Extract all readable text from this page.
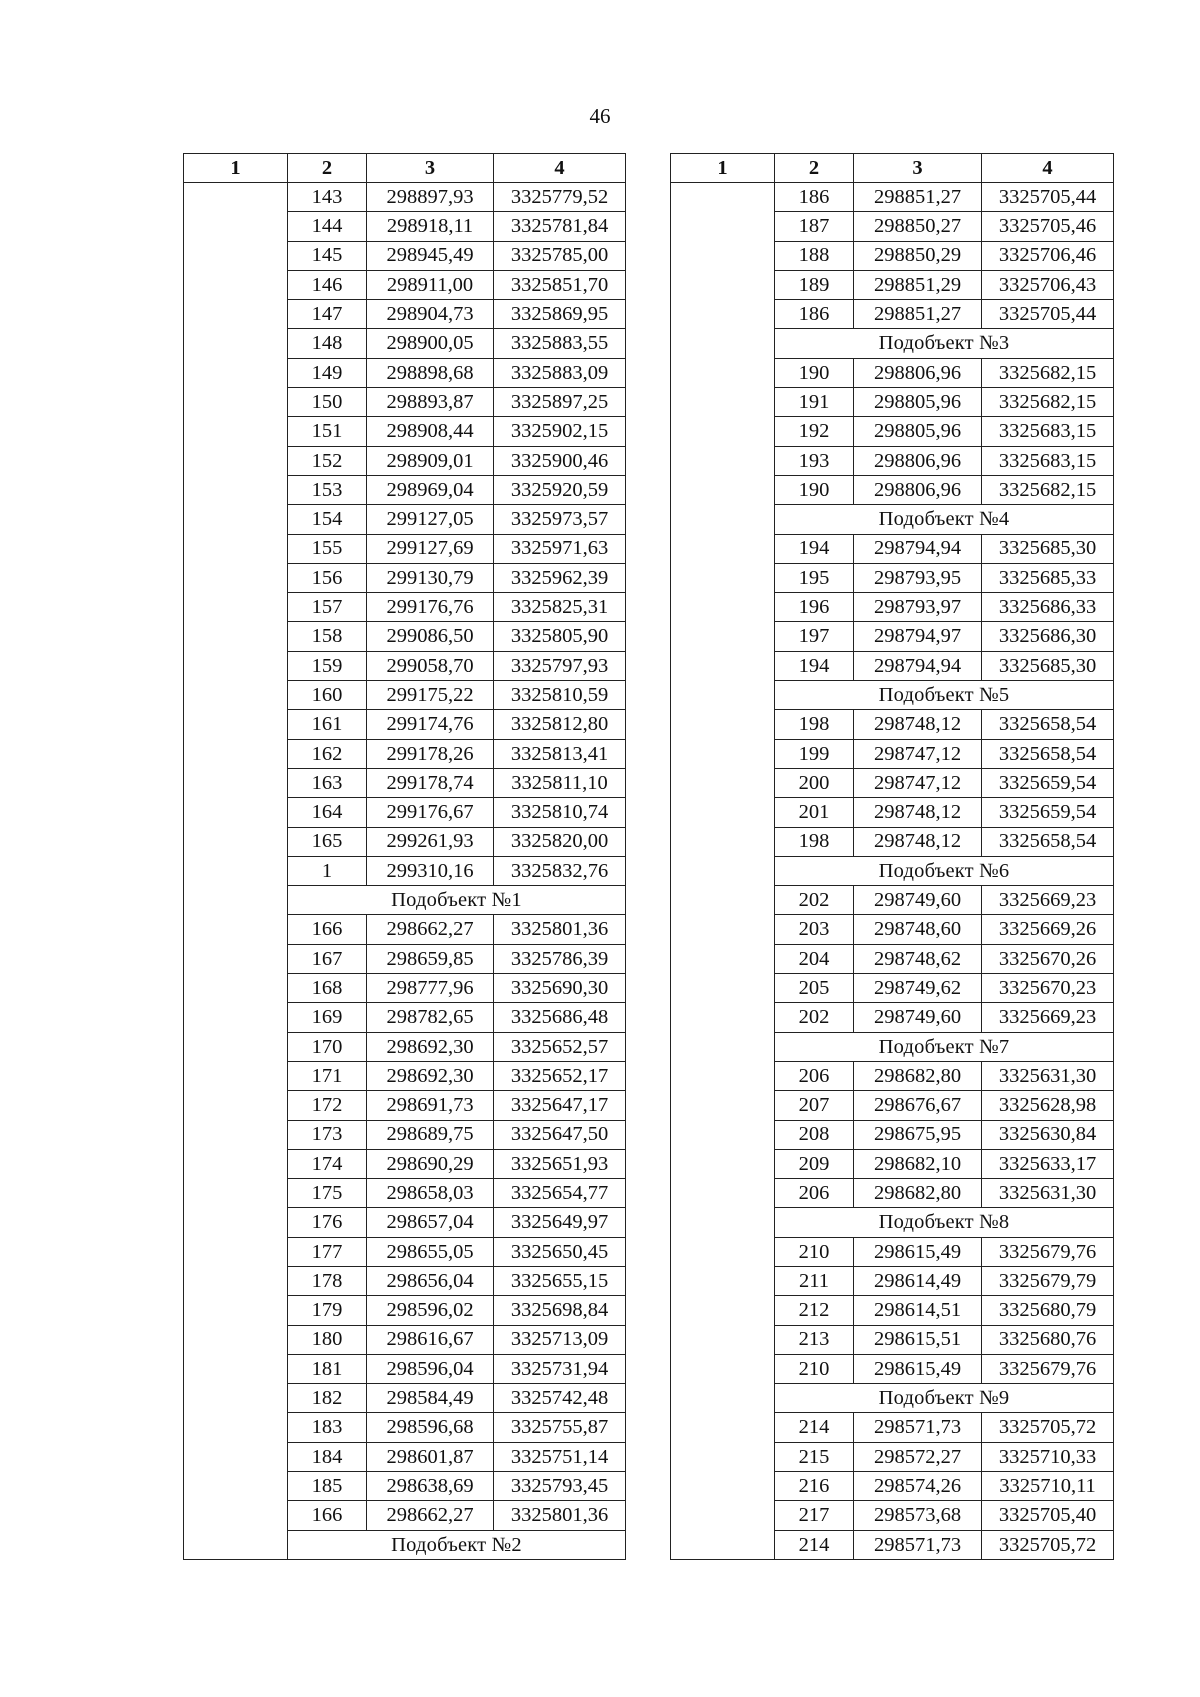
46
1	2	3	4
	143	298897,93	3325779,52
	144	298918,11	3325781,84
	145	298945,49	3325785,00
	146	298911,00	3325851,70
	147	298904,73	3325869,95
	148	298900,05	3325883,55
	149	298898,68	3325883,09
	150	298893,87	3325897,25
	151	298908,44	3325902,15
	152	298909,01	3325900,46
	153	298969,04	3325920,59
	154	299127,05	3325973,57
	155	299127,69	3325971,63
	156	299130,79	3325962,39
	157	299176,76	3325825,31
	158	299086,50	3325805,90
	159	299058,70	3325797,93
	160	299175,22	3325810,59
	161	299174,76	3325812,80
	162	299178,26	3325813,41
	163	299178,74	3325811,10
	164	299176,67	3325810,74
	165	299261,93	3325820,00
	1	299310,16	3325832,76
	Подобъект №1		
	166	298662,27	3325801,36
	167	298659,85	3325786,39
	168	298777,96	3325690,30
	169	298782,65	3325686,48
	170	298692,30	3325652,57
	171	298692,30	3325652,17
	172	298691,73	3325647,17
	173	298689,75	3325647,50
	174	298690,29	3325651,93
	175	298658,03	3325654,77
	176	298657,04	3325649,97
	177	298655,05	3325650,45
	178	298656,04	3325655,15
	179	298596,02	3325698,84
	180	298616,67	3325713,09
	181	298596,04	3325731,94
	182	298584,49	3325742,48
	183	298596,68	3325755,87
	184	298601,87	3325751,14
	185	298638,69	3325793,45
	166	298662,27	3325801,36
	Подобъект №2		
1	2	3	4
	186	298851,27	3325705,44
	187	298850,27	3325705,46
	188	298850,29	3325706,46
	189	298851,29	3325706,43
	186	298851,27	3325705,44
	Подобъект №3		
	190	298806,96	3325682,15
	191	298805,96	3325682,15
	192	298805,96	3325683,15
	193	298806,96	3325683,15
	190	298806,96	3325682,15
	Подобъект №4		
	194	298794,94	3325685,30
	195	298793,95	3325685,33
	196	298793,97	3325686,33
	197	298794,97	3325686,30
	194	298794,94	3325685,30
	Подобъект №5		
	198	298748,12	3325658,54
	199	298747,12	3325658,54
	200	298747,12	3325659,54
	201	298748,12	3325659,54
	198	298748,12	3325658,54
	Подобъект №6		
	202	298749,60	3325669,23
	203	298748,60	3325669,26
	204	298748,62	3325670,26
	205	298749,62	3325670,23
	202	298749,60	3325669,23
	Подобъект №7		
	206	298682,80	3325631,30
	207	298676,67	3325628,98
	208	298675,95	3325630,84
	209	298682,10	3325633,17
	206	298682,80	3325631,30
	Подобъект №8		
	210	298615,49	3325679,76
	211	298614,49	3325679,79
	212	298614,51	3325680,79
	213	298615,51	3325680,76
	210	298615,49	3325679,76
	Подобъект №9		
	214	298571,73	3325705,72
	215	298572,27	3325710,33
	216	298574,26	3325710,11
	217	298573,68	3325705,40
	214	298571,73	3325705,72
